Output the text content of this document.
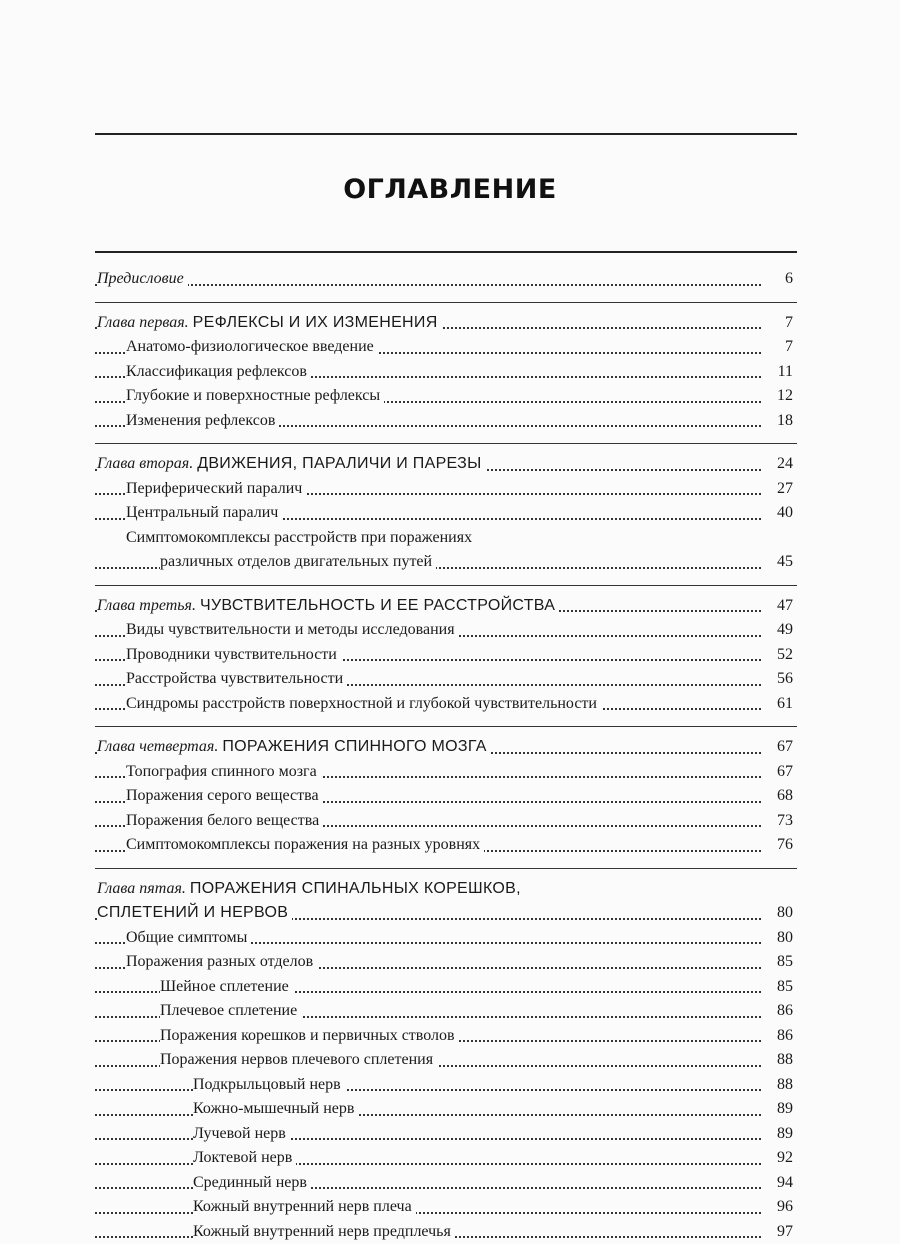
ОГЛАВЛЕНИЕ
Предисловие	6
Глава первая. РЕФЛЕКСЫ И ИХ ИЗМЕНЕНИЯ	7
Анатомо-физиологическое введение	7
Классификация рефлексов	11
Глубокие и поверхностные рефлексы	12
Изменения рефлексов	18
Глава вторая. ДВИЖЕНИЯ, ПАРАЛИЧИ И ПАРЕЗЫ	24
Периферический паралич	27
Центральный паралич	40
Симптомокомплексы расстройств при поражениях
различных отделов двигательных путей	45
Глава третья. ЧУВСТВИТЕЛЬНОСТЬ И ЕЕ РАССТРОЙСТВА	47
Виды чувствительности и методы исследования	49
Проводники чувствительности	52
Расстройства чувствительности	56
Синдромы расстройств поверхностной и глубокой чувствительности	61
Глава четвертая. ПОРАЖЕНИЯ СПИННОГО МОЗГА	67
Топография спинного мозга	67
Поражения серого вещества	68
Поражения белого вещества	73
Симптомокомплексы поражения на разных уровнях	76
Глава пятая. ПОРАЖЕНИЯ СПИНАЛЬНЫХ КОРЕШКОВ,
СПЛЕТЕНИЙ И НЕРВОВ	80
Общие симптомы	80
Поражения разных отделов	85
Шейное сплетение	85
Плечевое сплетение	86
Поражения корешков и первичных стволов	86
Поражения нервов плечевого сплетения	88
Подкрыльцовый нерв	88
Кожно-мышечный нерв	89
Лучевой нерв	89
Локтевой нерв	92
Срединный нерв	94
Кожный внутренний нерв плеча	96
Кожный внутренний нерв предплечья	97
